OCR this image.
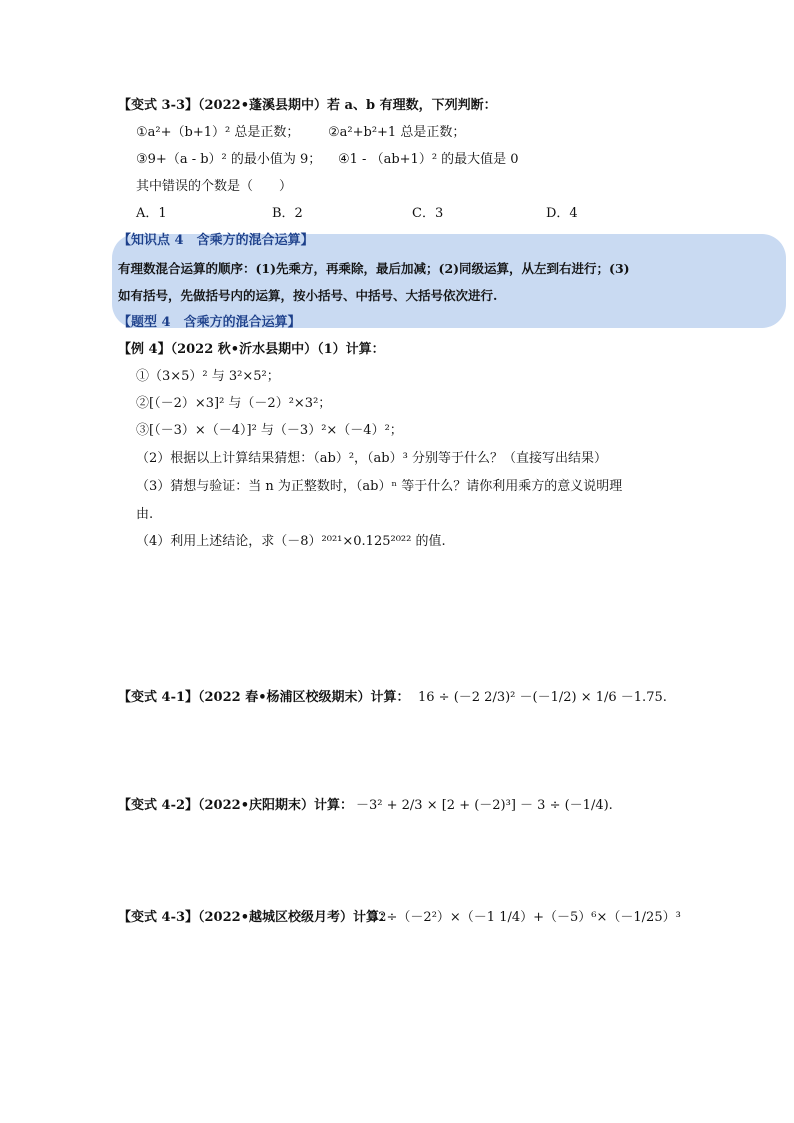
【变式 3-3】（2022•蓬溪县期中）若 a、b 有理数，下列判断：
①a²+（b+1）² 总是正数； ②a²+b²+1 总是正数；
③9+（a - b）² 的最小值为 9； ④1 - （ab+1）² 的最大值是 0
其中错误的个数是（　　）
A．1	B．2	C．3	D．4
【知识点 4　含乘方的混合运算】
有理数混合运算的顺序：(1)先乘方，再乘除，最后加减；(2)同级运算，从左到右进行；(3)
如有括号，先做括号内的运算，按小括号、中括号、大括号依次进行.
【题型 4　含乘方的混合运算】
【例 4】（2022 秋•沂水县期中）（1）计算：
①（3×5）² 与 3²×5²；
②[（－2）×3]² 与（－2）²×3²；
③[（－3）×（－4）]² 与（－3）²×（－4）²；
（2）根据以上计算结果猜想：（ab）²，（ab）³ 分别等于什么？（直接写出结果）
（3）猜想与验证：当 n 为正整数时，（ab）ⁿ 等于什么？请你利用乘方的意义说明理
由.
（4）利用上述结论，求（－8）²⁰²¹×0.125²⁰²² 的值.
【变式 4-1】（2022 春•杨浦区校级期末）计算： 16 ÷ (－2 2/3)² －(－1/2) × 1/6 －1.75.
【变式 4-2】（2022•庆阳期末）计算： －3² + 2/3 × [2 + (－2)³] － 3 ÷ (－1/4).
【变式 4-3】（2022•越城区校级月考）计算：
32÷（－2²）×（－1 1/4）+（－5）⁶×（－1/25）³
